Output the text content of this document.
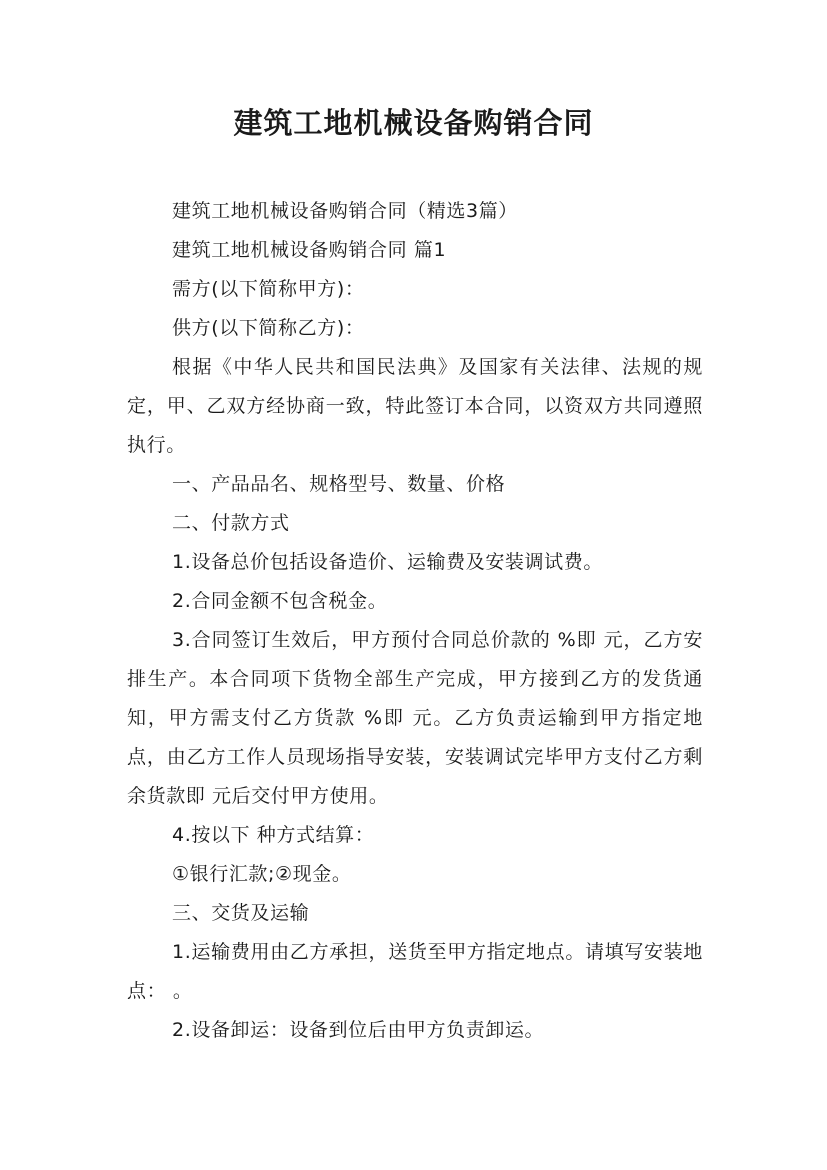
建筑工地机械设备购销合同

建筑工地机械设备购销合同（精选3篇）

建筑工地机械设备购销合同 篇1

需方(以下简称甲方)：

供方(以下简称乙方)：

根据《中华人民共和国民法典》及国家有关法律、法规的规定，甲、乙双方经协商一致，特此签订本合同，以资双方共同遵照执行。

一、产品品名、规格型号、数量、价格

二、付款方式

1.设备总价包括设备造价、运输费及安装调试费。

2.合同金额不包含税金。

3.合同签订生效后，甲方预付合同总价款的 %即 元，乙方安排生产。本合同项下货物全部生产完成，甲方接到乙方的发货通知，甲方需支付乙方货款 %即 元。乙方负责运输到甲方指定地点，由乙方工作人员现场指导安装，安装调试完毕甲方支付乙方剩余货款即 元后交付甲方使用。

4.按以下 种方式结算：

①银行汇款;②现金。

三、交货及运输

1.运输费用由乙方承担，送货至甲方指定地点。请填写安装地点： 。

2.设备卸运：设备到位后由甲方负责卸运。
